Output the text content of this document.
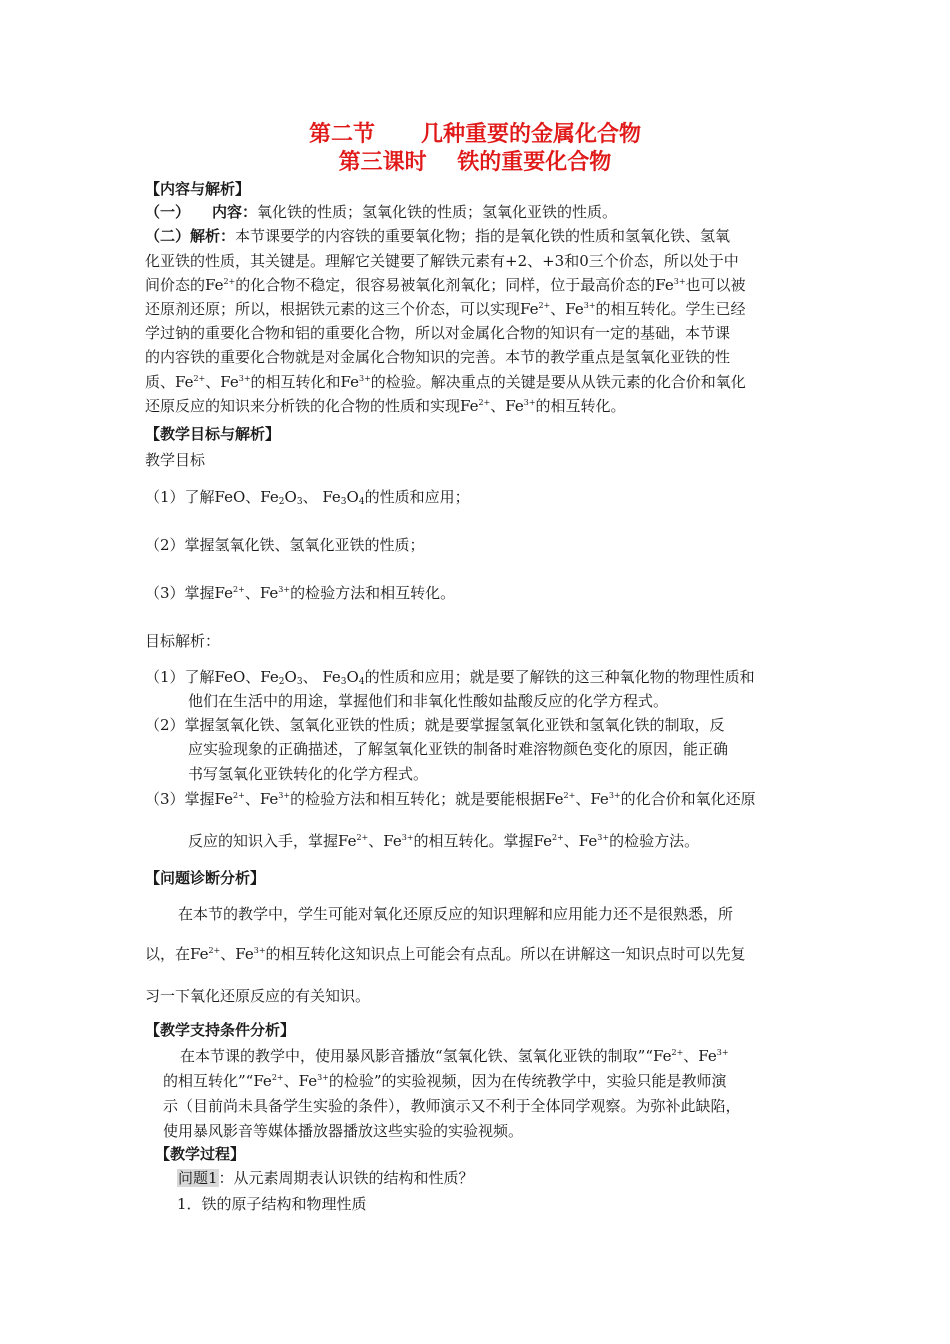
第二节      几种重要的金属化合物
第三课时    铁的重要化合物
【内容与解析】
（一） 内容：氧化铁的性质；氢氧化铁的性质；氢氧化亚铁的性质。
（二）解析：本节课要学的内容铁的重要氧化物；指的是氧化铁的性质和氢氧化铁、氢氧
化亚铁的性质，其关键是。理解它关键要了解铁元素有+2、+3和0三个价态，所以处于中
间价态的$Fe^{2+}$的化合物不稳定，很容易被氧化剂氧化；同样，位于最高价态的$Fe^{3+}$也可以被
还原剂还原；所以，根据铁元素的这三个价态，可以实现$Fe^{2+}$、$Fe^{3+}$的相互转化。学生已经
学过钠的重要化合物和铝的重要化合物，所以对金属化合物的知识有一定的基础，本节课
的内容铁的重要化合物就是对金属化合物知识的完善。本节的教学重点是氢氧化亚铁的性
质、$Fe^{2+}$、$Fe^{3+}$的相互转化和$Fe^{3+}$的检验。解决重点的关键是要从从铁元素的化合价和氧化
还原反应的知识来分析铁的化合物的性质和实现$Fe^{2+}$、$Fe^{3+}$的相互转化。
【教学目标与解析】
教学目标
（1）了解FeO、$Fe_2O_3$、 $Fe_3O_4$的性质和应用；
（2）掌握氢氧化铁、氢氧化亚铁的性质；
（3）掌握$Fe^{2+}$、$Fe^{3+}$的检验方法和相互转化。
目标解析：
（1）了解FeO、$Fe_2O_3$、 $Fe_3O_4$的性质和应用；就是要了解铁的这三种氧化物的物理性质和
他们在生活中的用途，掌握他们和非氧化性酸如盐酸反应的化学方程式。
（2）掌握氢氧化铁、氢氧化亚铁的性质；就是要掌握氢氧化亚铁和氢氧化铁的制取，反
应实验现象的正确描述，了解氢氧化亚铁的制备时难溶物颜色变化的原因，能正确
书写氢氧化亚铁转化的化学方程式。
（3）掌握$Fe^{2+}$、$Fe^{3+}$的检验方法和相互转化；就是要能根据$Fe^{2+}$、$Fe^{3+}$的化合价和氧化还原
反应的知识入手，掌握$Fe^{2+}$、$Fe^{3+}$的相互转化。掌握$Fe^{2+}$、$Fe^{3+}$的检验方法。
【问题诊断分析】
在本节的教学中，学生可能对氧化还原反应的知识理解和应用能力还不是很熟悉，所
以，在$Fe^{2+}$、$Fe^{3+}$的相互转化这知识点上可能会有点乱。所以在讲解这一知识点时可以先复
习一下氧化还原反应的有关知识。
【教学支持条件分析】
在本节课的教学中，使用暴风影音播放“氢氧化铁、氢氧化亚铁的制取$”“Fe^{2+}$、$Fe^{3+}$
的相互转化$”“Fe^{2+}$、$Fe^{3+}$的检验”的实验视频，因为在传统教学中，实验只能是教师演
示（目前尚未具备学生实验的条件），教师演示又不利于全体同学观察。为弥补此缺陷，
使用暴风影音等媒体播放器播放这些实验的实验视频。
【教学过程】
问题1：从元素周期表认识铁的结构和性质？
1．铁的原子结构和物理性质
